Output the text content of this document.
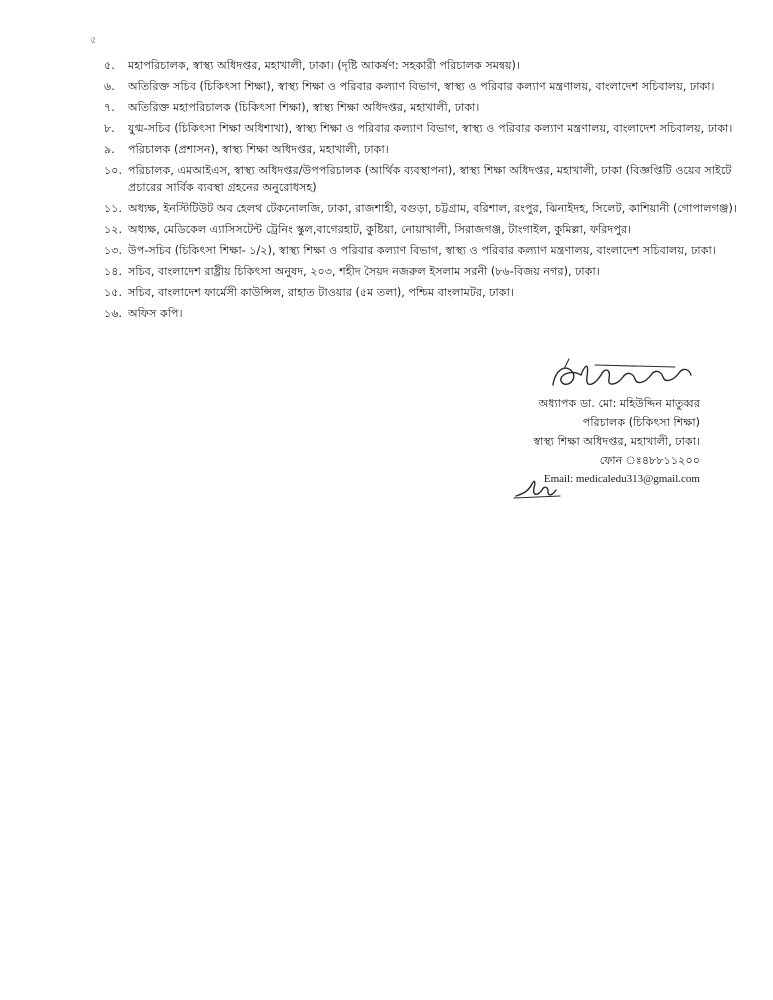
৫
৫. মহাপরিচালক, স্বাস্থ্য অধিদপ্তর, মহাখালী, ঢাকা। (দৃষ্টি আকর্ষণ: সহকারী পরিচালক সমন্বয়)।
৬. অতিরিক্ত সচিব (চিকিৎসা শিক্ষা), স্বাস্থ্য শিক্ষা ও পরিবার কল্যাণ বিভাগ, স্বাস্থ্য ও পরিবার কল্যাণ মন্ত্রণালয়, বাংলাদেশ সচিবালয়, ঢাকা।
৭. অতিরিক্ত মহাপরিচালক (চিকিৎসা শিক্ষা), স্বাস্থ্য শিক্ষা অধিদপ্তর, মহাখালী, ঢাকা।
৮. যুগ্ম-সচিব (চিকিৎসা শিক্ষা অধিশাখা), স্বাস্থ্য শিক্ষা ও পরিবার কল্যাণ বিভাগ, স্বাস্থ্য ও পরিবার কল্যাণ মন্ত্রণালয়, বাংলাদেশ সচিবালয়, ঢাকা।
৯. পরিচালক (প্রশাসন), স্বাস্থ্য শিক্ষা অধিদপ্তর, মহাখালী, ঢাকা।
১০. পরিচালক, এমআইএস, স্বাস্থ্য অধিদপ্তর/উপপরিচালক (আর্থিক ব্যবস্থাপনা), স্বাস্থ্য শিক্ষা অধিদপ্তর, মহাখালী, ঢাকা (বিজ্ঞপ্তিটি ওয়েব সাইটে প্রচারের সার্বিক ব্যবস্থা গ্রহনের অনুরোধসহ)
১১. অধ্যক্ষ, ইনস্টিটিউট অব হেলথ টেকনোলজি, ঢাকা, রাজশাহী, বগুড়া, চট্টগ্রাম, বরিশাল, রংপুর, ঝিনাইদহ, সিলেট, কাশিয়ানী (গোপালগঞ্জ)।
১২. অধ্যক্ষ, মেডিকেল এ্যাসিসটেন্ট ট্রেনিং স্কুল,বাগেরহাট, কুষ্টিয়া, নোয়াখালী, সিরাজগঞ্জ, টাংগাইল, কুমিল্লা, ফরিদপুর।
১৩. উপ-সচিব (চিকিৎসা শিক্ষা- ১/২), স্বাস্থ্য শিক্ষা ও পরিবার কল্যাণ বিভাগ, স্বাস্থ্য ও পরিবার কল্যাণ মন্ত্রণালয়, বাংলাদেশ সচিবালয়, ঢাকা।
১৪. সচিব, বাংলাদেশ রাষ্ট্রীয় চিকিৎসা অনুষদ, ২০৩, শহীদ সৈয়দ নজরুল ইসলাম সরনী (৮৬-বিজয় নগর), ঢাকা।
১৫. সচিব, বাংলাদেশ ফার্মেসী কাউন্সিল, রাহাত টাওয়ার (৫ম তলা), পশ্চিম বাংলামটর, ঢাকা।
১৬. অফিস কপি।
অধ্যাপক ডা. মো: মহিউদ্দিন মাতুব্বর
পরিচালক (চিকিৎসা শিক্ষা)
স্বাস্থ্য শিক্ষা অধিদপ্তর, মহাখালী, ঢাকা।
ফোন ঃ৪৮৮১১২০০
Email: medicaledu313@gmail.com
